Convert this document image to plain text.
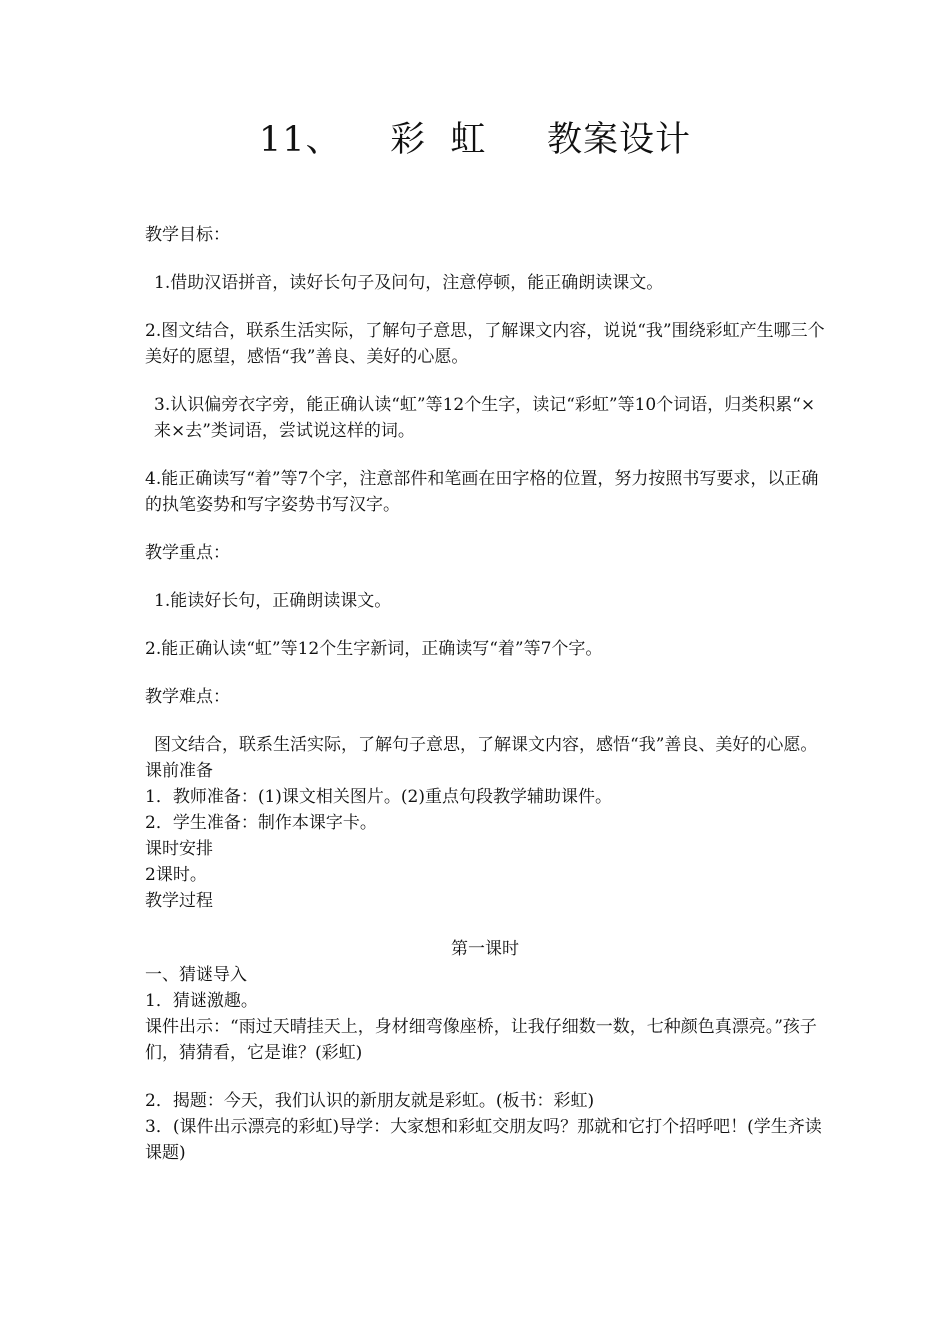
11、    彩  虹     教案设计

教学目标：

1.借助汉语拼音，读好长句子及问句，注意停顿，能正确朗读课文。

2.图文结合，联系生活实际，了解句子意思，了解课文内容，说说“我”围绕彩虹产生哪三个美好的愿望，感悟“我”善良、美好的心愿。

3.认识偏旁衣字旁，能正确认读“虹”等12个生字，读记“彩虹”等10个词语，归类积累“×来×去”类词语，尝试说这样的词。

4.能正确读写“着”等7个字，注意部件和笔画在田字格的位置，努力按照书写要求，以正确的执笔姿势和写字姿势书写汉字。

教学重点：

1.能读好长句，正确朗读课文。

2.能正确认读“虹”等12个生字新词，正确读写“着”等7个字。

教学难点：

图文结合，联系生活实际，了解句子意思，了解课文内容，感悟“我”善良、美好的心愿。

课前准备

1．教师准备：(1)课文相关图片。(2)重点句段教学辅助课件。

2．学生准备：制作本课字卡。

课时安排

2课时。

教学过程

第一课时

一、猜谜导入

1．猜谜激趣。

课件出示：“雨过天晴挂天上，身材细弯像座桥，让我仔细数一数，七种颜色真漂亮。”孩子们，猜猜看，它是谁？(彩虹)

2．揭题：今天，我们认识的新朋友就是彩虹。(板书：彩虹)

3．(课件出示漂亮的彩虹)导学：大家想和彩虹交朋友吗？那就和它打个招呼吧！(学生齐读课题)
